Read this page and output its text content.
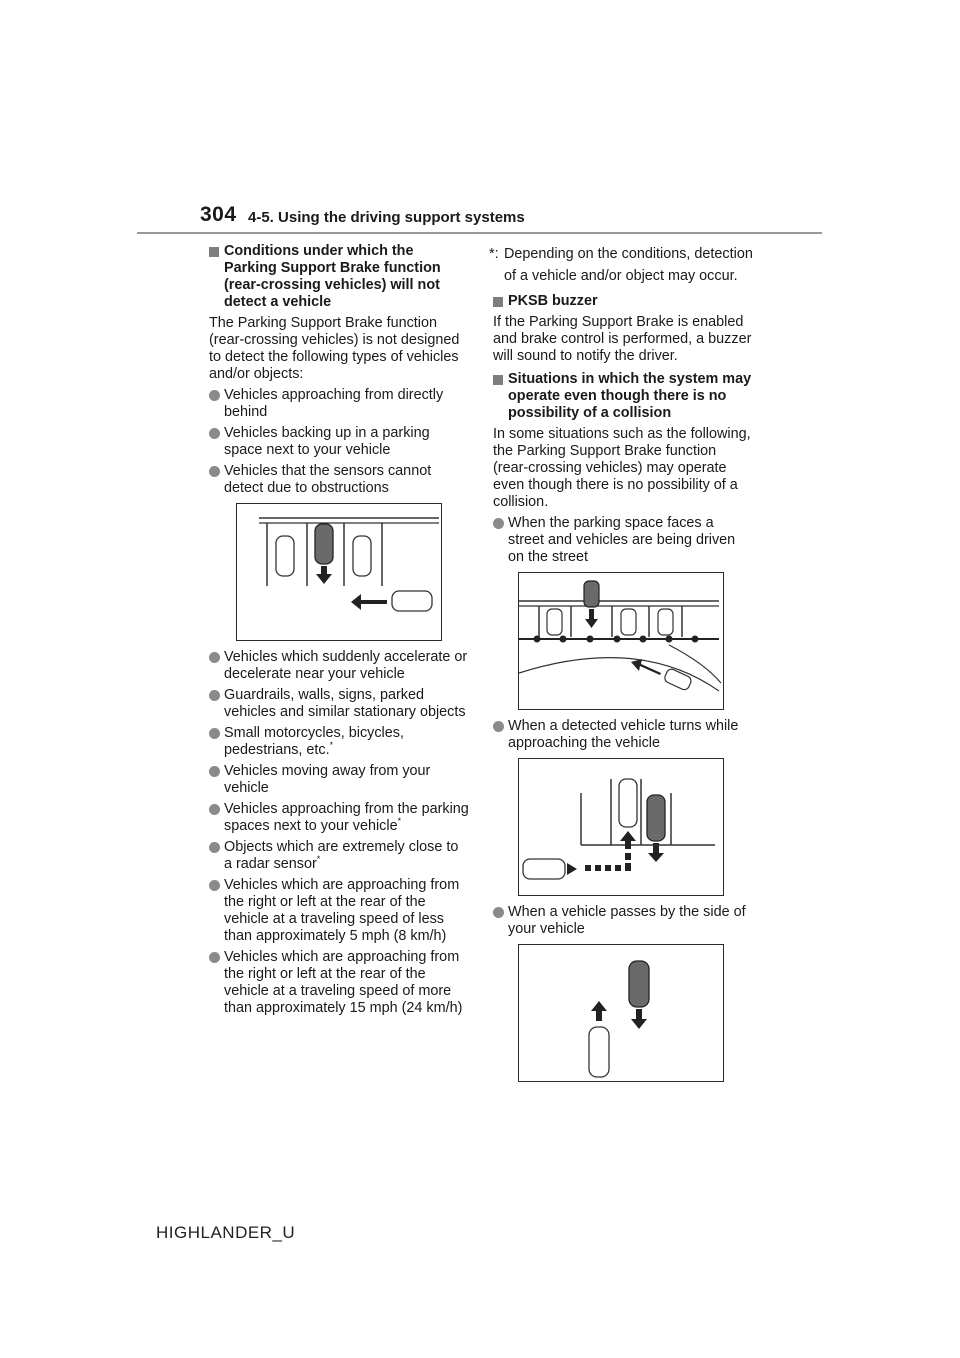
304 4-5. Using the driving support systems
Conditions under which the Parking Support Brake function (rear-crossing vehicles) will not detect a vehicle
The Parking Support Brake function (rear-crossing vehicles) is not designed to detect the following types of vehicles and/or objects:
Vehicles approaching from directly behind
Vehicles backing up in a parking space next to your vehicle
Vehicles that the sensors cannot detect due to obstructions
Vehicles which suddenly accelerate or decelerate near your vehicle
Guardrails, walls, signs, parked vehicles and similar stationary objects
Small motorcycles, bicycles, pedestrians, etc.*
Vehicles moving away from your vehicle
Vehicles approaching from the parking spaces next to your vehicle*
Objects which are extremely close to a radar sensor*
Vehicles which are approaching from the right or left at the rear of the vehicle at a traveling speed of less than approximately 5 mph (8 km/h)
Vehicles which are approaching from the right or left at the rear of the vehicle at a traveling speed of more than approximately 15 mph (24 km/h)
*: Depending on the conditions, detection of a vehicle and/or object may occur.
PKSB buzzer
If the Parking Support Brake is enabled and brake control is performed, a buzzer will sound to notify the driver.
Situations in which the system may operate even though there is no possibility of a collision
In some situations such as the following, the Parking Support Brake function (rear-crossing vehicles) may operate even though there is no possibility of a collision.
When the parking space faces a street and vehicles are being driven on the street
When a detected vehicle turns while approaching the vehicle
When a vehicle passes by the side of your vehicle
HIGHLANDER_U
